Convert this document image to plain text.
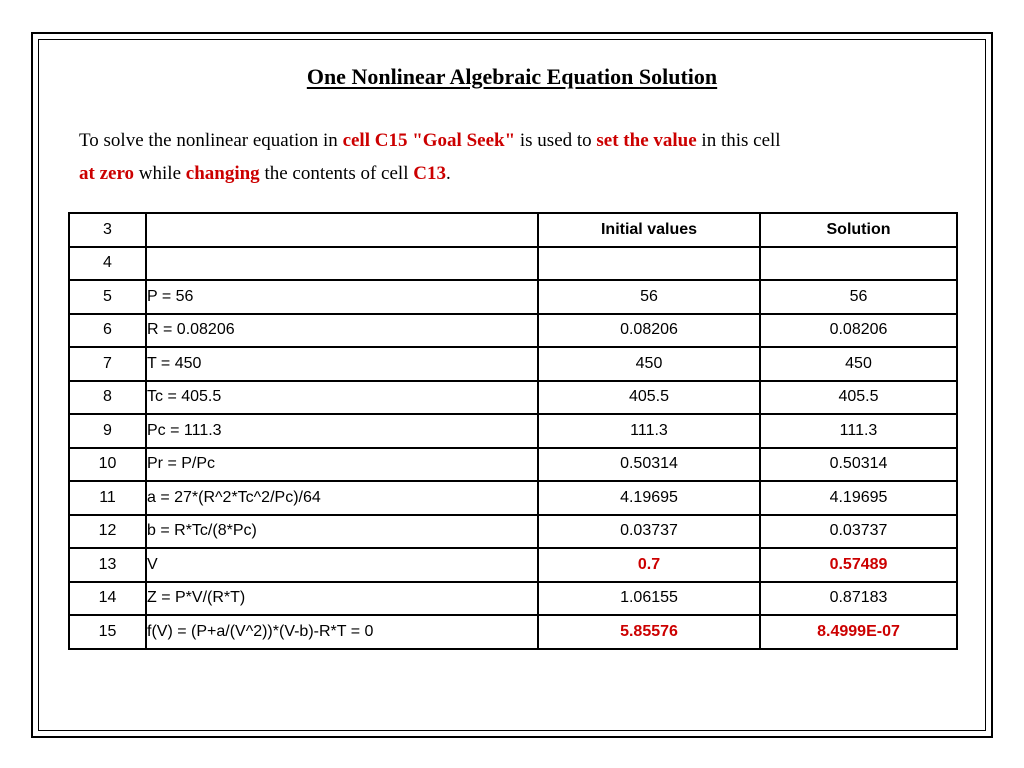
One Nonlinear Algebraic Equation Solution
To solve the nonlinear equation in cell C15 "Goal Seek" is used to set the value in this cell
at zero while changing the contents of cell C13.
3		Initial values	Solution
4			
5	P = 56	56	56
6	R = 0.08206	0.08206	0.08206
7	T = 450	450	450
8	Tc = 405.5	405.5	405.5
9	Pc = 111.3	111.3	111.3
10	Pr = P/Pc	0.50314	0.50314
11	a = 27*(R^2*Tc^2/Pc)/64	4.19695	4.19695
12	b = R*Tc/(8*Pc)	0.03737	0.03737
13	V	0.7	0.57489
14	Z = P*V/(R*T)	1.06155	0.87183
15	f(V) = (P+a/(V^2))*(V-b)-R*T = 0	5.85576	8.4999E-07
